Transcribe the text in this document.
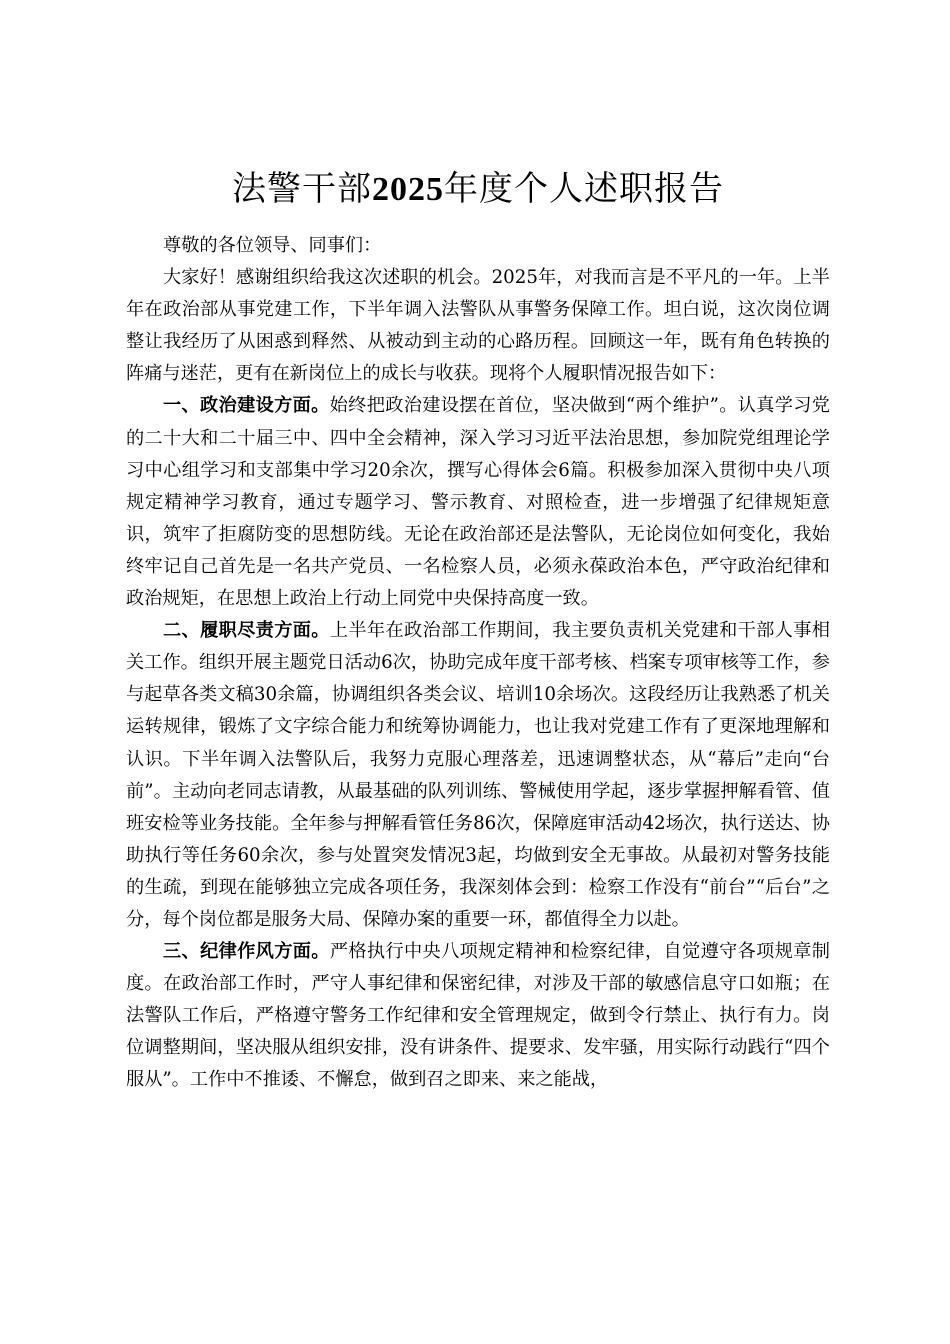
法警干部2025年度个人述职报告

尊敬的各位领导、同事们：

大家好！感谢组织给我这次述职的机会。2025年，对我而言是不平凡的一年。上半年在政治部从事党建工作，下半年调入法警队从事警务保障工作。坦白说，这次岗位调整让我经历了从困惑到释然、从被动到主动的心路历程。回顾这一年，既有角色转换的阵痛与迷茫，更有在新岗位上的成长与收获。现将个人履职情况报告如下：

一、政治建设方面。始终把政治建设摆在首位，坚决做到“两个维护”。认真学习党的二十大和二十届三中、四中全会精神，深入学习习近平法治思想，参加院党组理论学习中心组学习和支部集中学习20余次，撰写心得体会6篇。积极参加深入贯彻中央八项规定精神学习教育，通过专题学习、警示教育、对照检查，进一步增强了纪律规矩意识，筑牢了拒腐防变的思想防线。无论在政治部还是法警队，无论岗位如何变化，我始终牢记自己首先是一名共产党员、一名检察人员，必须永葆政治本色，严守政治纪律和政治规矩，在思想上政治上行动上同党中央保持高度一致。

二、履职尽责方面。上半年在政治部工作期间，我主要负责机关党建和干部人事相关工作。组织开展主题党日活动6次，协助完成年度干部考核、档案专项审核等工作，参与起草各类文稿30余篇，协调组织各类会议、培训10余场次。这段经历让我熟悉了机关运转规律，锻炼了文字综合能力和统筹协调能力，也让我对党建工作有了更深地理解和认识。下半年调入法警队后，我努力克服心理落差，迅速调整状态，从“幕后”走向“台前”。主动向老同志请教，从最基础的队列训练、警械使用学起，逐步掌握押解看管、值班安检等业务技能。全年参与押解看管任务86次，保障庭审活动42场次，执行送达、协助执行等任务60余次，参与处置突发情况3起，均做到安全无事故。从最初对警务技能的生疏，到现在能够独立完成各项任务，我深刻体会到：检察工作没有“前台”“后台”之分，每个岗位都是服务大局、保障办案的重要一环，都值得全力以赴。

三、纪律作风方面。严格执行中央八项规定精神和检察纪律，自觉遵守各项规章制度。在政治部工作时，严守人事纪律和保密纪律，对涉及干部的敏感信息守口如瓶；在法警队工作后，严格遵守警务工作纪律和安全管理规定，做到令行禁止、执行有力。岗位调整期间，坚决服从组织安排，没有讲条件、提要求、发牢骚，用实际行动践行“四个服从”。工作中不推诿、不懈怠，做到召之即来、来之能战，
